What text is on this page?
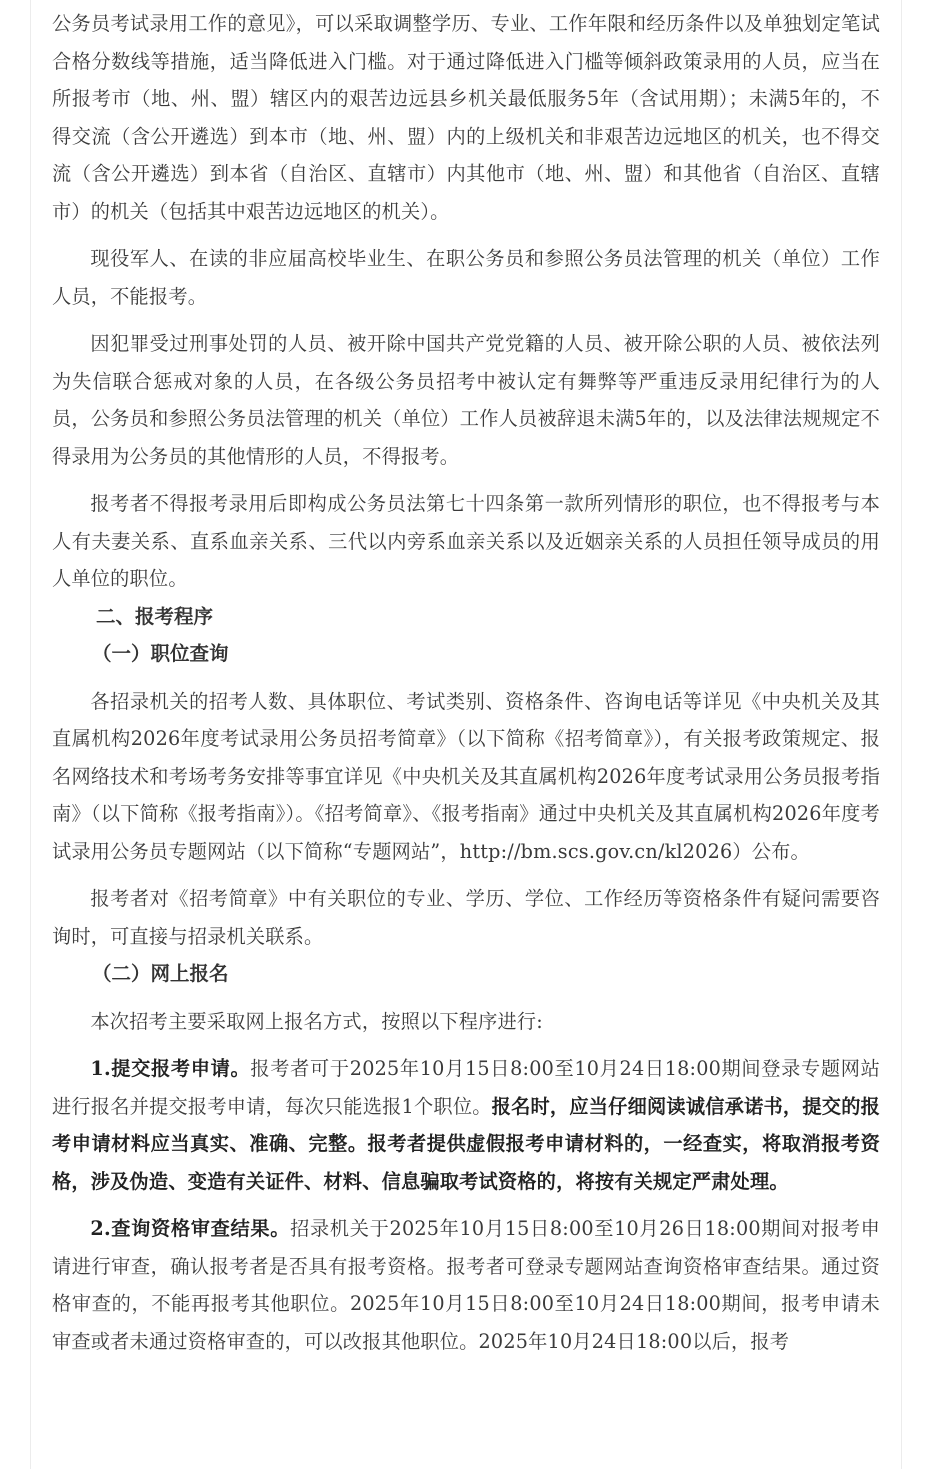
公务员考试录用工作的意见》，可以采取调整学历、专业、工作年限和经历条件以及单独划定笔试合格分数线等措施，适当降低进入门槛。对于通过降低进入门槛等倾斜政策录用的人员，应当在所报考市（地、州、盟）辖区内的艰苦边远县乡机关最低服务5年（含试用期）；未满5年的，不得交流（含公开遴选）到本市（地、州、盟）内的上级机关和非艰苦边远地区的机关，也不得交流（含公开遴选）到本省（自治区、直辖市）内其他市（地、州、盟）和其他省（自治区、直辖市）的机关（包括其中艰苦边远地区的机关）。

现役军人、在读的非应届高校毕业生、在职公务员和参照公务员法管理的机关（单位）工作人员，不能报考。

因犯罪受过刑事处罚的人员、被开除中国共产党党籍的人员、被开除公职的人员、被依法列为失信联合惩戒对象的人员，在各级公务员招考中被认定有舞弊等严重违反录用纪律行为的人员，公务员和参照公务员法管理的机关（单位）工作人员被辞退未满5年的，以及法律法规规定不得录用为公务员的其他情形的人员，不得报考。

报考者不得报考录用后即构成公务员法第七十四条第一款所列情形的职位，也不得报考与本人有夫妻关系、直系血亲关系、三代以内旁系血亲关系以及近姻亲关系的人员担任领导成员的用人单位的职位。

二、报考程序
（一）职位查询

各招录机关的招考人数、具体职位、考试类别、资格条件、咨询电话等详见《中央机关及其直属机构2026年度考试录用公务员招考简章》（以下简称《招考简章》），有关报考政策规定、报名网络技术和考场考务安排等事宜详见《中央机关及其直属机构2026年度考试录用公务员报考指南》（以下简称《报考指南》）。《招考简章》、《报考指南》通过中央机关及其直属机构2026年度考试录用公务员专题网站（以下简称“专题网站”，http://bm.scs.gov.cn/kl2026）公布。

报考者对《招考简章》中有关职位的专业、学历、学位、工作经历等资格条件有疑问需要咨询时，可直接与招录机关联系。

（二）网上报名

本次招考主要采取网上报名方式，按照以下程序进行:

1.提交报考申请。报考者可于2025年10月15日8:00至10月24日18:00期间登录专题网站进行报名并提交报考申请，每次只能选报1个职位。报名时，应当仔细阅读诚信承诺书，提交的报考申请材料应当真实、准确、完整。报考者提供虚假报考申请材料的，一经查实，将取消报考资格，涉及伪造、变造有关证件、材料、信息骗取考试资格的，将按有关规定严肃处理。

2.查询资格审查结果。招录机关于2025年10月15日8:00至10月26日18:00期间对报考申请进行审查，确认报考者是否具有报考资格。报考者可登录专题网站查询资格审查结果。通过资格审查的，不能再报考其他职位。2025年10月15日8:00至10月24日18:00期间，报考申请未审查或者未通过资格审查的，可以改报其他职位。2025年10月24日18:00以后，报考
